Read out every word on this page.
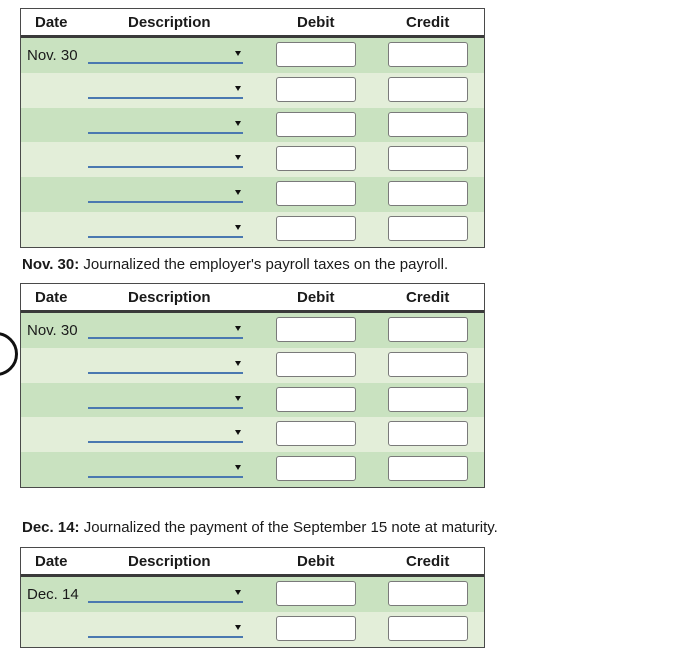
Date	Description	Debit	Credit
Nov. 30
Nov. 30: Journalized the employer's payroll taxes on the payroll.
Date	Description	Debit	Credit
Nov. 30
Dec. 14: Journalized the payment of the September 15 note at maturity.
Date	Description	Debit	Credit
Dec. 14
